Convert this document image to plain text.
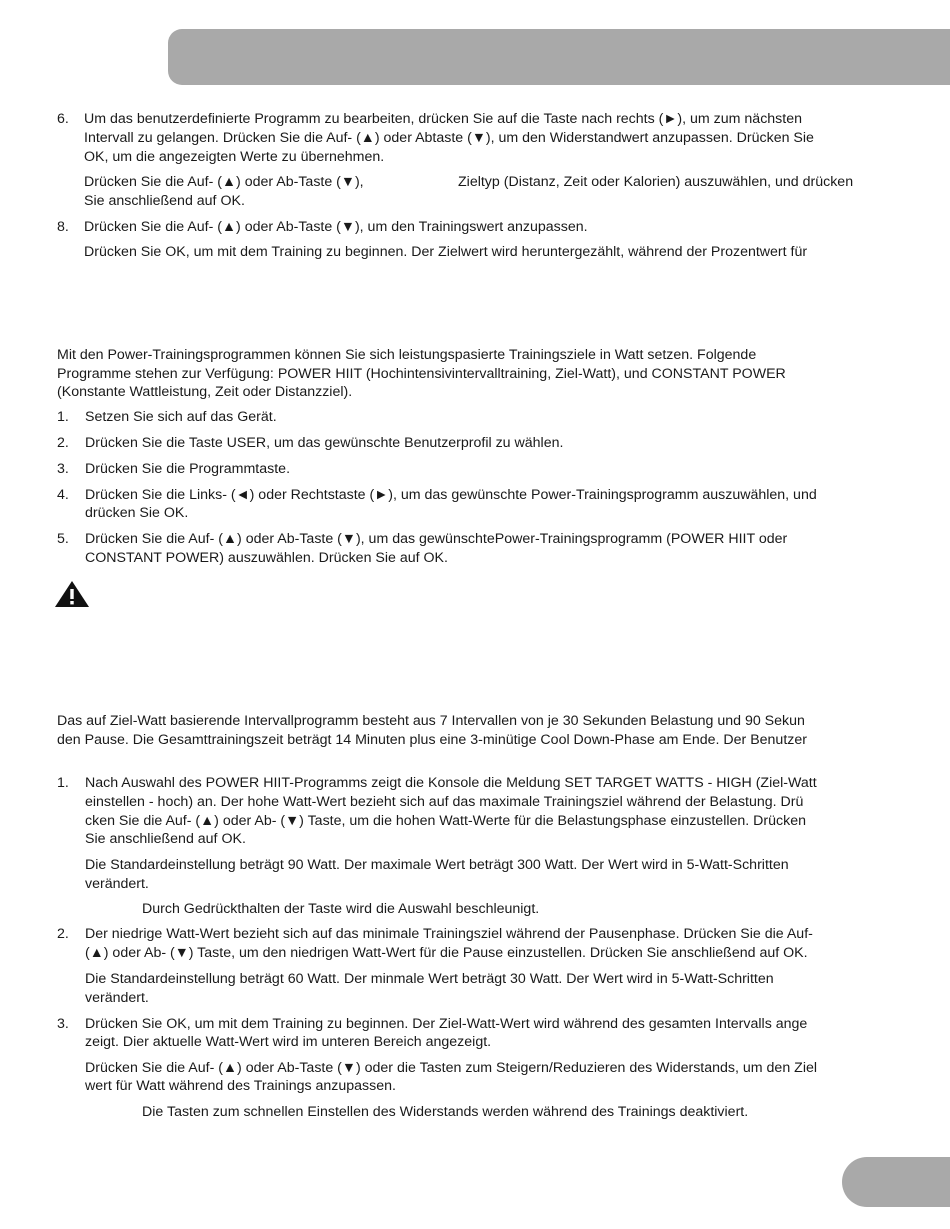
6. Um das benutzerdefinierte Programm zu bearbeiten, drücken Sie auf die Taste nach rechts (►), um zum nächsten
Intervall zu gelangen. Drücken Sie die Auf- (▲) oder Abtaste (▼), um den Widerstandwert anzupassen. Drücken Sie
OK, um die angezeigten Werte zu übernehmen.
Drücken Sie die Auf- (▲) oder Ab-Taste (▼),	Zieltyp (Distanz, Zeit oder Kalorien) auszuwählen, und drücken
Sie anschließend auf OK.
8. Drücken Sie die Auf- (▲) oder Ab-Taste (▼), um den Trainingswert anzupassen.
Drücken Sie OK, um mit dem Training zu beginnen. Der Zielwert wird heruntergezählt, während der Prozentwert für
Mit den Power-Trainingsprogrammen können Sie sich leistungspasierte Trainingsziele in Watt setzen. Folgende
Programme stehen zur Verfügung: POWER HIIT (Hochintensivintervalltraining, Ziel-Watt), und CONSTANT POWER
(Konstante Wattleistung, Zeit oder Distanzziel).
1. Setzen Sie sich auf das Gerät.
2. Drücken Sie die Taste USER, um das gewünschte Benutzerprofil zu wählen.
3. Drücken Sie die Programmtaste.
4. Drücken Sie die Links- (◄) oder Rechtstaste (►), um das gewünschte Power-Trainingsprogramm auszuwählen, und
drücken Sie OK.
5. Drücken Sie die Auf- (▲) oder Ab-Taste (▼), um das gewünschtePower-Trainingsprogramm (POWER HIIT oder
CONSTANT POWER) auszuwählen. Drücken Sie auf OK.
Das auf Ziel-Watt basierende Intervallprogramm besteht aus 7 Intervallen von je 30 Sekunden Belastung und 90 Sekun
den Pause. Die Gesamttrainingszeit beträgt 14 Minuten plus eine 3-minütige Cool Down-Phase am Ende. Der Benutzer
1. Nach Auswahl des POWER HIIT-Programms zeigt die Konsole die Meldung SET TARGET WATTS - HIGH (Ziel-Watt
einstellen - hoch) an. Der hohe Watt-Wert bezieht sich auf das maximale Trainingsziel während der Belastung. Drü
cken Sie die Auf- (▲) oder Ab- (▼) Taste, um die hohen Watt-Werte für die Belastungsphase einzustellen. Drücken
Sie anschließend auf OK.
Die Standardeinstellung beträgt 90 Watt. Der maximale Wert beträgt 300 Watt. Der Wert wird in 5-Watt-Schritten
verändert.
Durch Gedrückthalten der Taste wird die Auswahl beschleunigt.
2. Der niedrige Watt-Wert bezieht sich auf das minimale Trainingsziel während der Pausenphase. Drücken Sie die Auf-
(▲) oder Ab- (▼) Taste, um den niedrigen Watt-Wert für die Pause einzustellen. Drücken Sie anschließend auf OK.
Die Standardeinstellung beträgt 60 Watt. Der minmale Wert beträgt 30 Watt. Der Wert wird in 5-Watt-Schritten
verändert.
3. Drücken Sie OK, um mit dem Training zu beginnen. Der Ziel-Watt-Wert wird während des gesamten Intervalls ange
zeigt. Dier aktuelle Watt-Wert wird im unteren Bereich angezeigt.
Drücken Sie die Auf- (▲) oder Ab-Taste (▼) oder die Tasten zum Steigern/Reduzieren des Widerstands, um den Ziel
wert für Watt während des Trainings anzupassen.
Die Tasten zum schnellen Einstellen des Widerstands werden während des Trainings deaktiviert.
